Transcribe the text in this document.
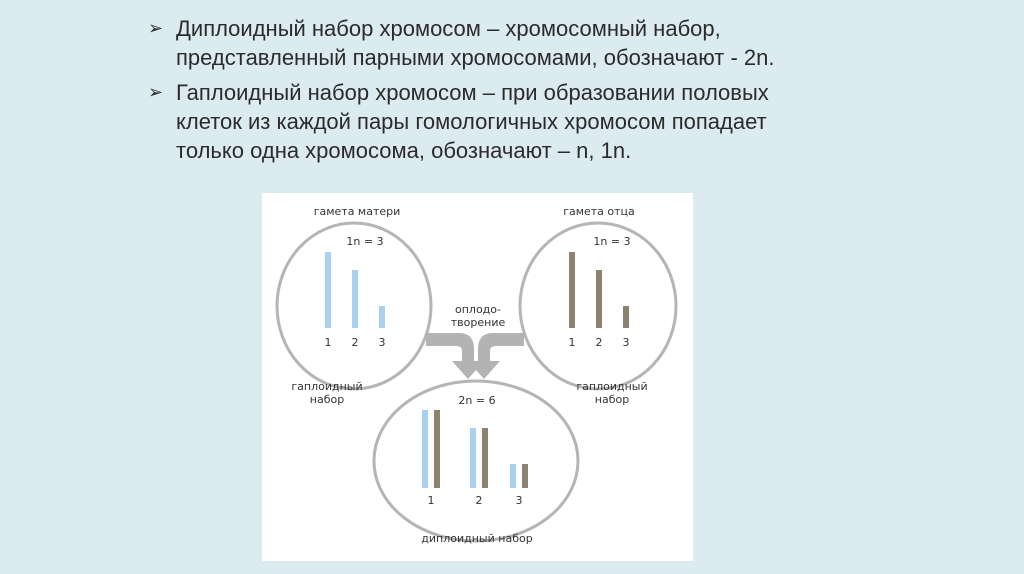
➢ Диплоидный набор хромосом – хромосомный набор,
представленный парными хромосомами, обозначают - 2n.
➢ Гаплоидный набор хромосом – при образовании половых
клеток из каждой пары гомологичных хромосом попадает
только одна хромосома, обозначают – n, 1n.
гамета матери
1n = 3
1 2 3
гаплоидный
набор
гамета отца
1n = 3
1 2 3
гаплоидный
набор
оплодо-
творение
2n = 6
1	2	3
диплоидный набор
